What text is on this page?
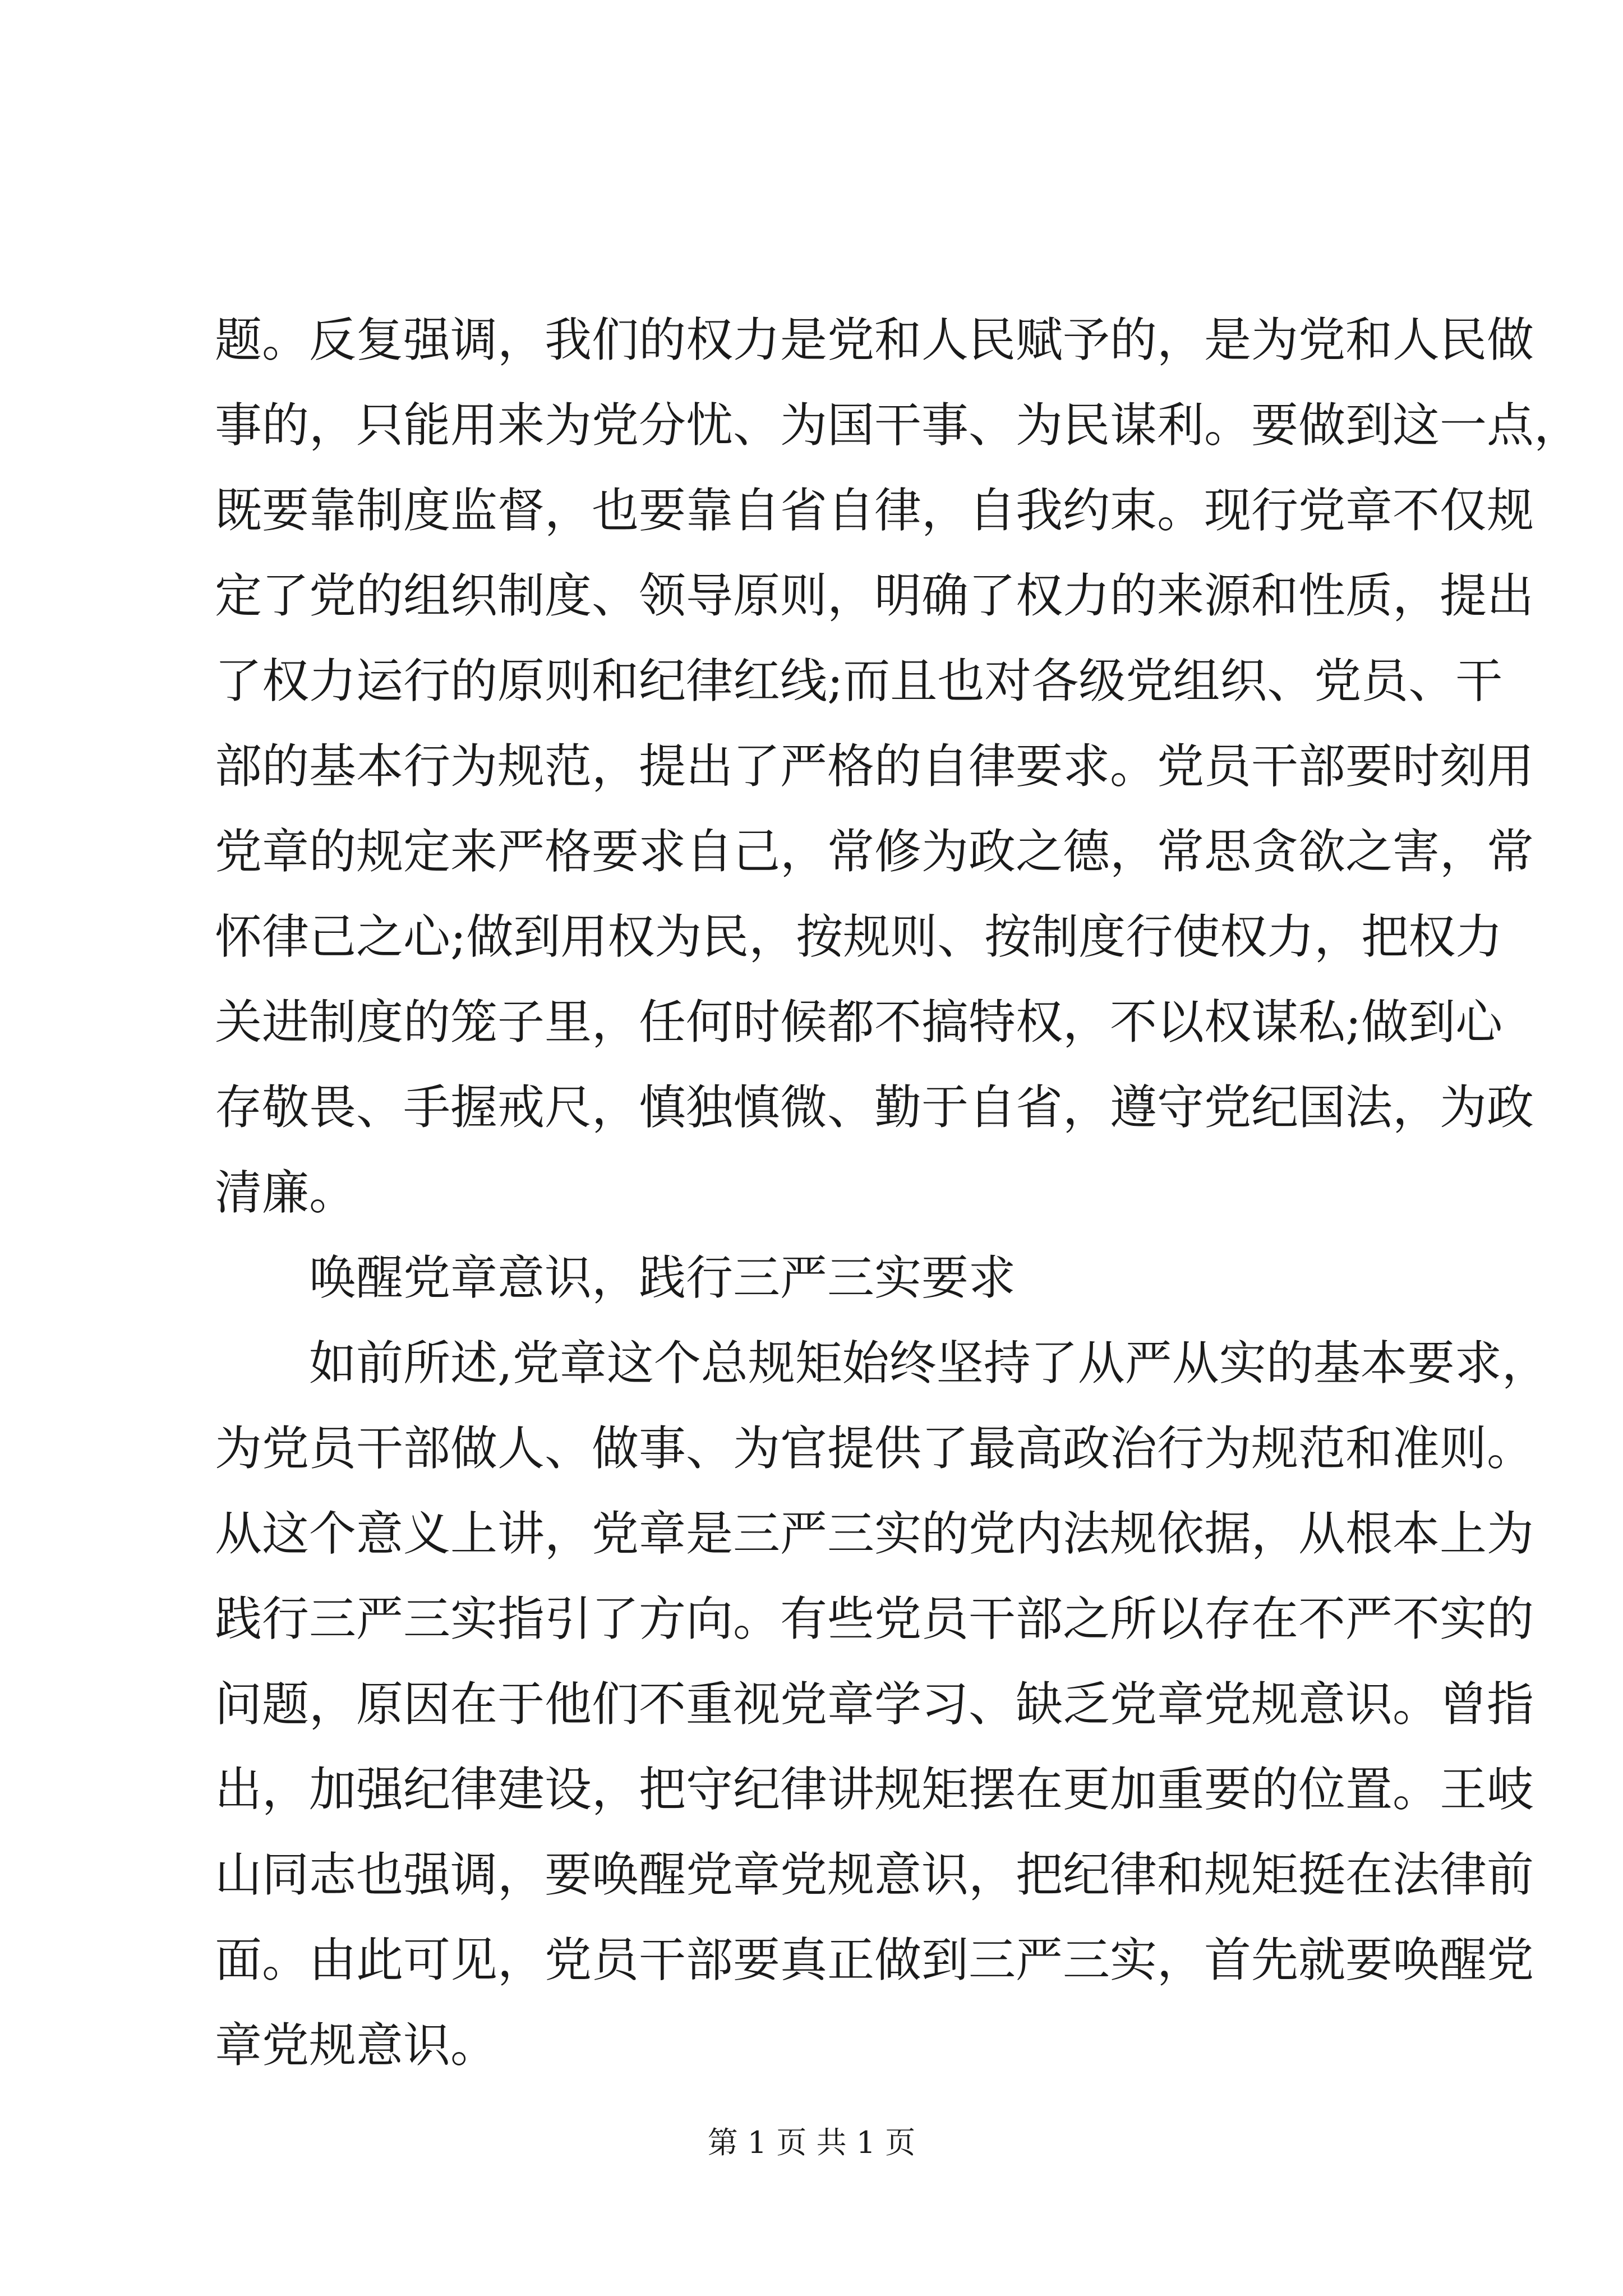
题。反复强调，我们的权力是党和人民赋予的，是为党和人民做
事的，只能用来为党分忧、为国干事、为民谋利。要做到这一点，
既要靠制度监督，也要靠自省自律，自我约束。现行党章不仅规
定了党的组织制度、领导原则，明确了权力的来源和性质，提出
了权力运行的原则和纪律红线;而且也对各级党组织、党员、干
部的基本行为规范，提出了严格的自律要求。党员干部要时刻用
党章的规定来严格要求自己，常修为政之德，常思贪欲之害，常
怀律己之心;做到用权为民，按规则、按制度行使权力，把权力
关进制度的笼子里，任何时候都不搞特权，不以权谋私;做到心
存敬畏、手握戒尺，慎独慎微、勤于自省，遵守党纪国法，为政
清廉。
唤醒党章意识，践行三严三实要求
如前所述,党章这个总规矩始终坚持了从严从实的基本要求，
为党员干部做人、做事、为官提供了最高政治行为规范和准则。
从这个意义上讲，党章是三严三实的党内法规依据，从根本上为
践行三严三实指引了方向。有些党员干部之所以存在不严不实的
问题，原因在于他们不重视党章学习、缺乏党章党规意识。曾指
出，加强纪律建设，把守纪律讲规矩摆在更加重要的位置。王岐
山同志也强调，要唤醒党章党规意识，把纪律和规矩挺在法律前
面。由此可见，党员干部要真正做到三严三实，首先就要唤醒党
章党规意识。
第 1 页 共 1 页
